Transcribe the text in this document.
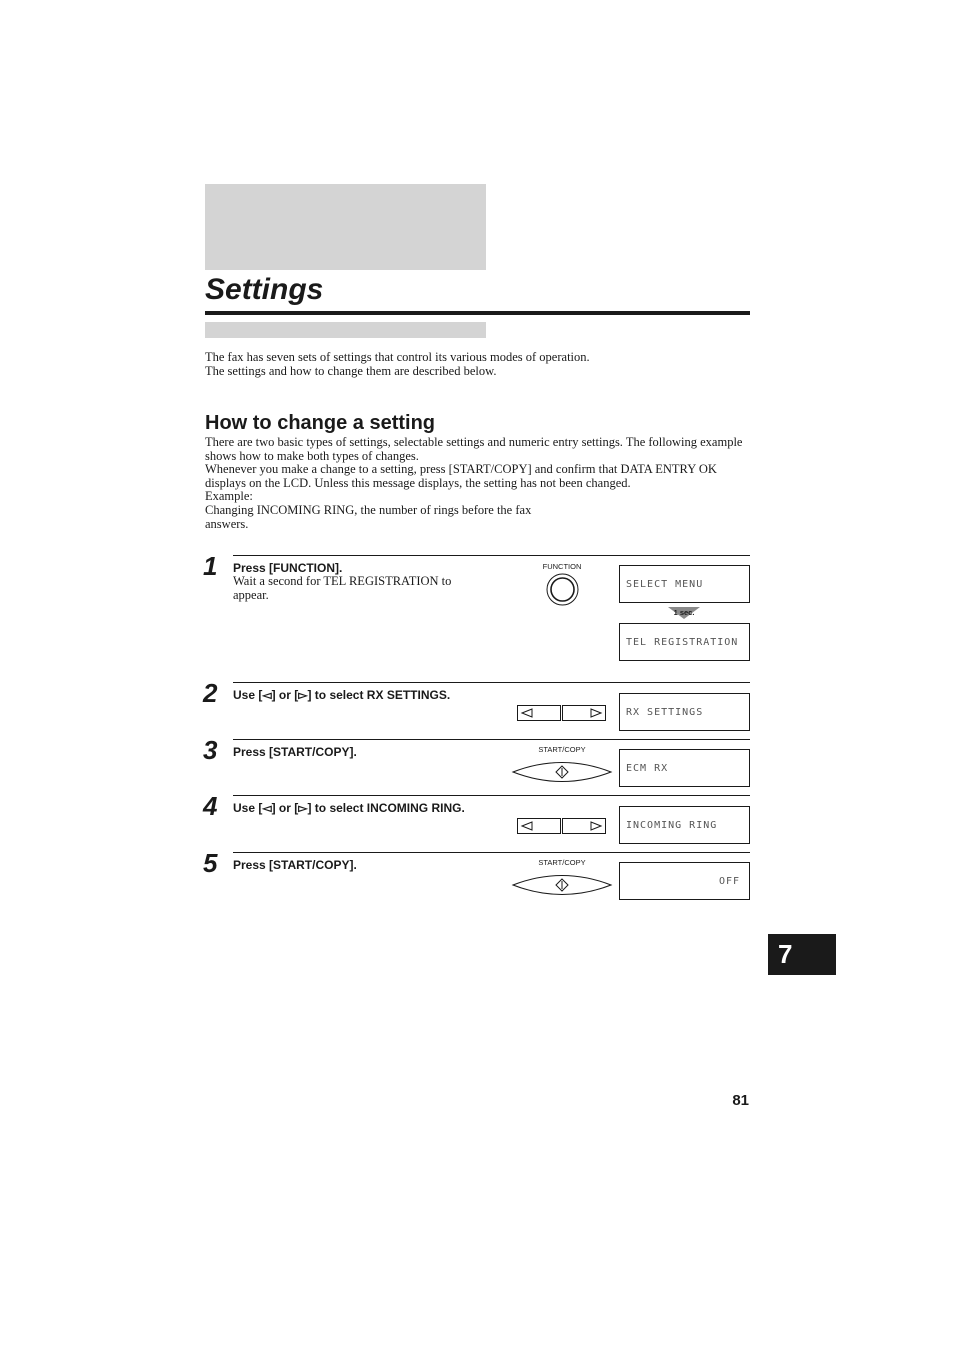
Settings
The fax has seven sets of settings that control its various modes of operation.
The settings and how to change them are described below.
How to change a setting
There are two basic types of settings, selectable settings and numeric entry settings. The following example shows how to make both types of changes.
Whenever you make a change to a setting, press [START/COPY] and confirm that DATA ENTRY OK displays on the LCD. Unless this message displays, the setting has not been changed.
Example:
Changing INCOMING RING, the number of rings before the fax
answers.
1 Press [FUNCTION].
Wait a second for TEL REGISTRATION to appear.
FUNCTION
SELECT MENU
1 sec.
TEL REGISTRATION
2 Use [◅] or [▻] to select RX SETTINGS.
RX SETTINGS
3 Press [START/COPY].	START/COPY
ECM RX
4 Use [◅] or [▻] to select INCOMING RING.
INCOMING RING
5 Press [START/COPY].	START/COPY
OFF
7
81
